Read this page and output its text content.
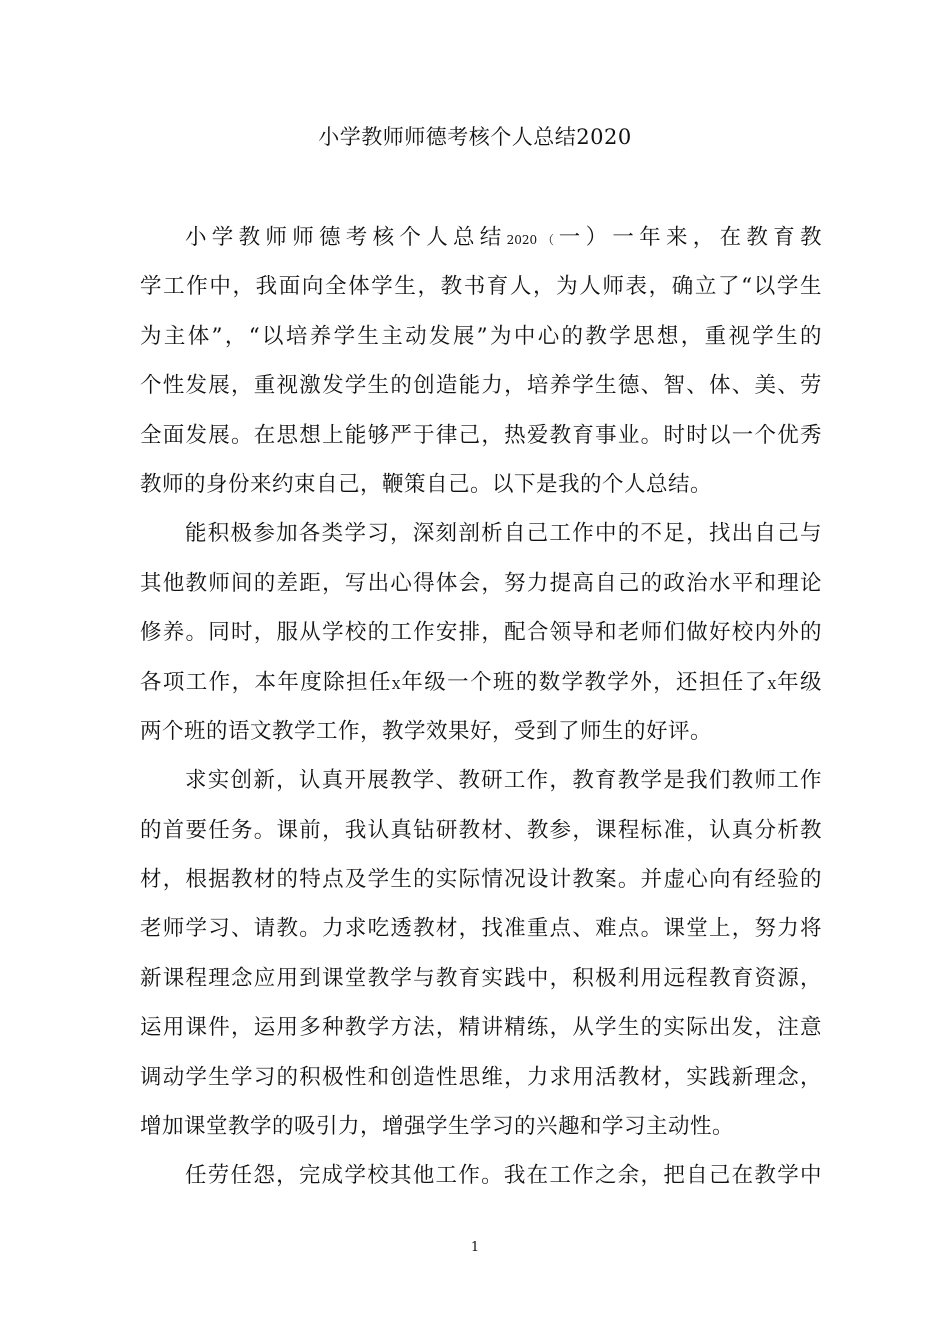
小学教师师德考核个人总结2020
小学教师师德考核个人总结2020（一）一年来，在教育教
学工作中，我面向全体学生，教书育人，为人师表，确立了“以学生
为主体”，“以培养学生主动发展”为中心的教学思想，重视学生的
个性发展，重视激发学生的创造能力，培养学生德、智、体、美、劳
全面发展。在思想上能够严于律己，热爱教育事业。时时以一个优秀
教师的身份来约束自己，鞭策自己。以下是我的个人总结。
能积极参加各类学习，深刻剖析自己工作中的不足，找出自己与
其他教师间的差距，写出心得体会，努力提高自己的政治水平和理论
修养。同时，服从学校的工作安排，配合领导和老师们做好校内外的
各项工作，本年度除担任X年级一个班的数学教学外，还担任了X年级
两个班的语文教学工作，教学效果好，受到了师生的好评。
求实创新，认真开展教学、教研工作，教育教学是我们教师工作
的首要任务。课前，我认真钻研教材、教参，课程标准，认真分析教
材，根据教材的特点及学生的实际情况设计教案。并虚心向有经验的
老师学习、请教。力求吃透教材，找准重点、难点。课堂上，努力将
新课程理念应用到课堂教学与教育实践中，积极利用远程教育资源，
运用课件，运用多种教学方法，精讲精练，从学生的实际出发，注意
调动学生学习的积极性和创造性思维，力求用活教材，实践新理念，
增加课堂教学的吸引力，增强学生学习的兴趣和学习主动性。
任劳任怨，完成学校其他工作。我在工作之余，把自己在教学中
1
